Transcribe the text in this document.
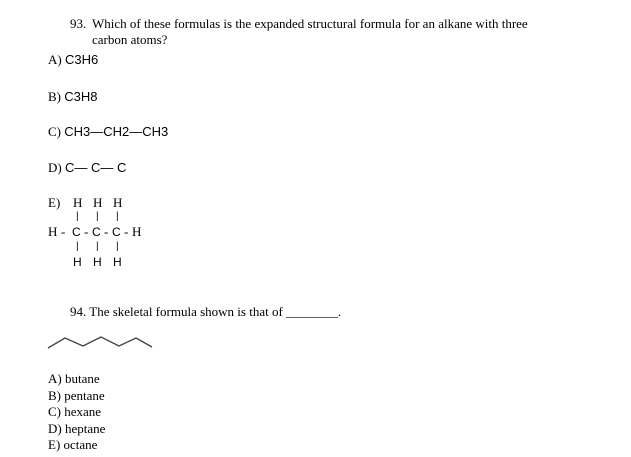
93. Which of these formulas is the expanded structural formula for an alkane with three
carbon atoms?
A) C3H6
B) C3H8
C) CH3—CH2—CH3
D) C— C— C
E) H H H
| | |
H - C - C - C - H
| | |
H H H
94. The skeletal formula shown is that of ________.
A) butane
B) pentane
C) hexane
D) heptane
E) octane
